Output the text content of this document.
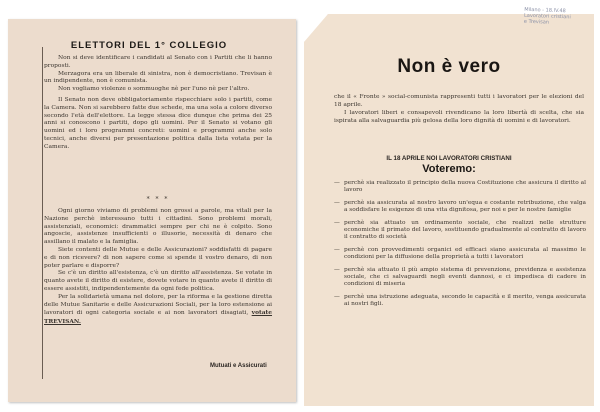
ELETTORI DEL 1° COLLEGIO

Non si deve identificare i candidati al Senato con i Partiti che li hanno proposti.

Merzagora era un liberale di sinistra, non è democristiano. Trevisan è un indipendente, non è comunista.

Non vogliamo violenze o sommuoghe nè per l'uno nè per l'altro.

Il Senato non deve obbligatoriamente rispecchiare solo i partiti, come la Camera. Non si sarebbero fatte due schede, ma una sola a colore diverso secondo l'età dell'elettore. La legge stessa dice dunque che prima dei 25 anni si conoscono i partiti, dopo gli uomini. Per il Senato si votano gli uomini ed i loro programmi concreti: uomini e programmi anche solo tecnici, anche diversi per presentazione politica dalla lista votata per la Camera.

* * *

Ogni giorno viviamo di problemi non grossi a parole, ma vitali per la Nazione perchè interessano tutti i cittadini. Sono problemi morali, assistenziali, economici: drammatici sempre per chi ne è colpito. Sono angoscie, assistenze insufficienti o illusorie, necessità di denaro che assillano il malato e la famiglia.

Siete contenti delle Mutue e delle Assicurazioni? soddisfatti di pagare e di non ricevere? di non sapere come si spende il vostro denaro, di non poter parlare e disporre?

Se c'è un diritto all'esistenza, c'è un diritto all'assistenza. Se votate in quanto avete il diritto di esistere, dovete votare in quanto avete il diritto di essere assistiti, indipendentemente da ogni fede politica.

Per la solidarietà umana nel dolore, per la riforma e la gestione diretta delle Mutue Sanitarie e delle Assicurazioni Sociali, per la loro estensione ai lavoratori di ogni categoria sociale e ai non lavoratori disagiati, votate TREVISAN.

Mutuati e Assicurati
Non è vero

che il « Fronte » social-comunista rappresenti tutti i lavoratori per le elezioni del 18 aprile.

I lavoratori liberi e consapevoli rivendicano la loro libertà di scelta, che sia ispirata alla salvaguardia più gelosa della loro dignità di uomini e di lavoratori.

IL 18 APRILE NOI LAVORATORI CRISTIANI
Voteremo:
— perchè sia realizzato il principio della nuova Costituzione che assicura il diritto al lavoro
— perchè sia assicurata al nostro lavoro un'equa e costante retribuzione, che valga a soddisfare le esigenze di una vita dignitosa, per noi e per le nostre famiglie
— perchè sia attuato un ordinamento sociale, che realizzi nelle strutture economiche il primato del lavoro, sostituendo gradualmente al contratto di lavoro il contratto di società
— perchè con provvedimenti organici ed efficaci siano assicurata al massimo le condizioni per la diffusione della proprietà a tutti i lavoratori
— perchè sia attuato il più ampio sistema di prevenzione, previdenza e assistenza sociale, che ci salvaguardi negli eventi dannosi, e ci impedisca di cadere in condizioni di miseria
— perchè una istruzione adeguata, secondo le capacità e il merito, venga assicurata ai nostri figli.
Milano - 18.IV.48
Lavoratori cristiani
e Trevisan
